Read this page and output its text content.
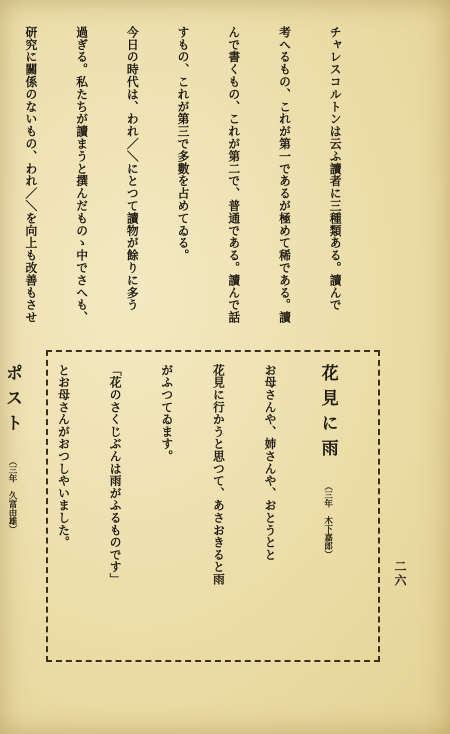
チャレスコルトンは云ふ讀者に三種類ある。讀んで

考へるもの、これが第一であるが極めて稀である。讀

んで書くもの、これが第二で、普通である。讀んで話

すもの、これが第三で多數を占めてゐる。

今日の時代は、われ／＼にとつて讀物が餘りに多う

過ぎる。私たちが讀まうと撰んだものゝ中でさへも、

研究に關係のないもの、われ／＼を向上も改善もさせ

花見に雨（三年　木下嘉郎）

お母さんや、姉さんや、おとうとと

花見に行かうと思つて、あさおきると雨

がふつてゐます。

「花のさくじぶんは雨がふるものです」

とお母さんがおつしやいました。

ポスト（三年　久富由雄）

二六
